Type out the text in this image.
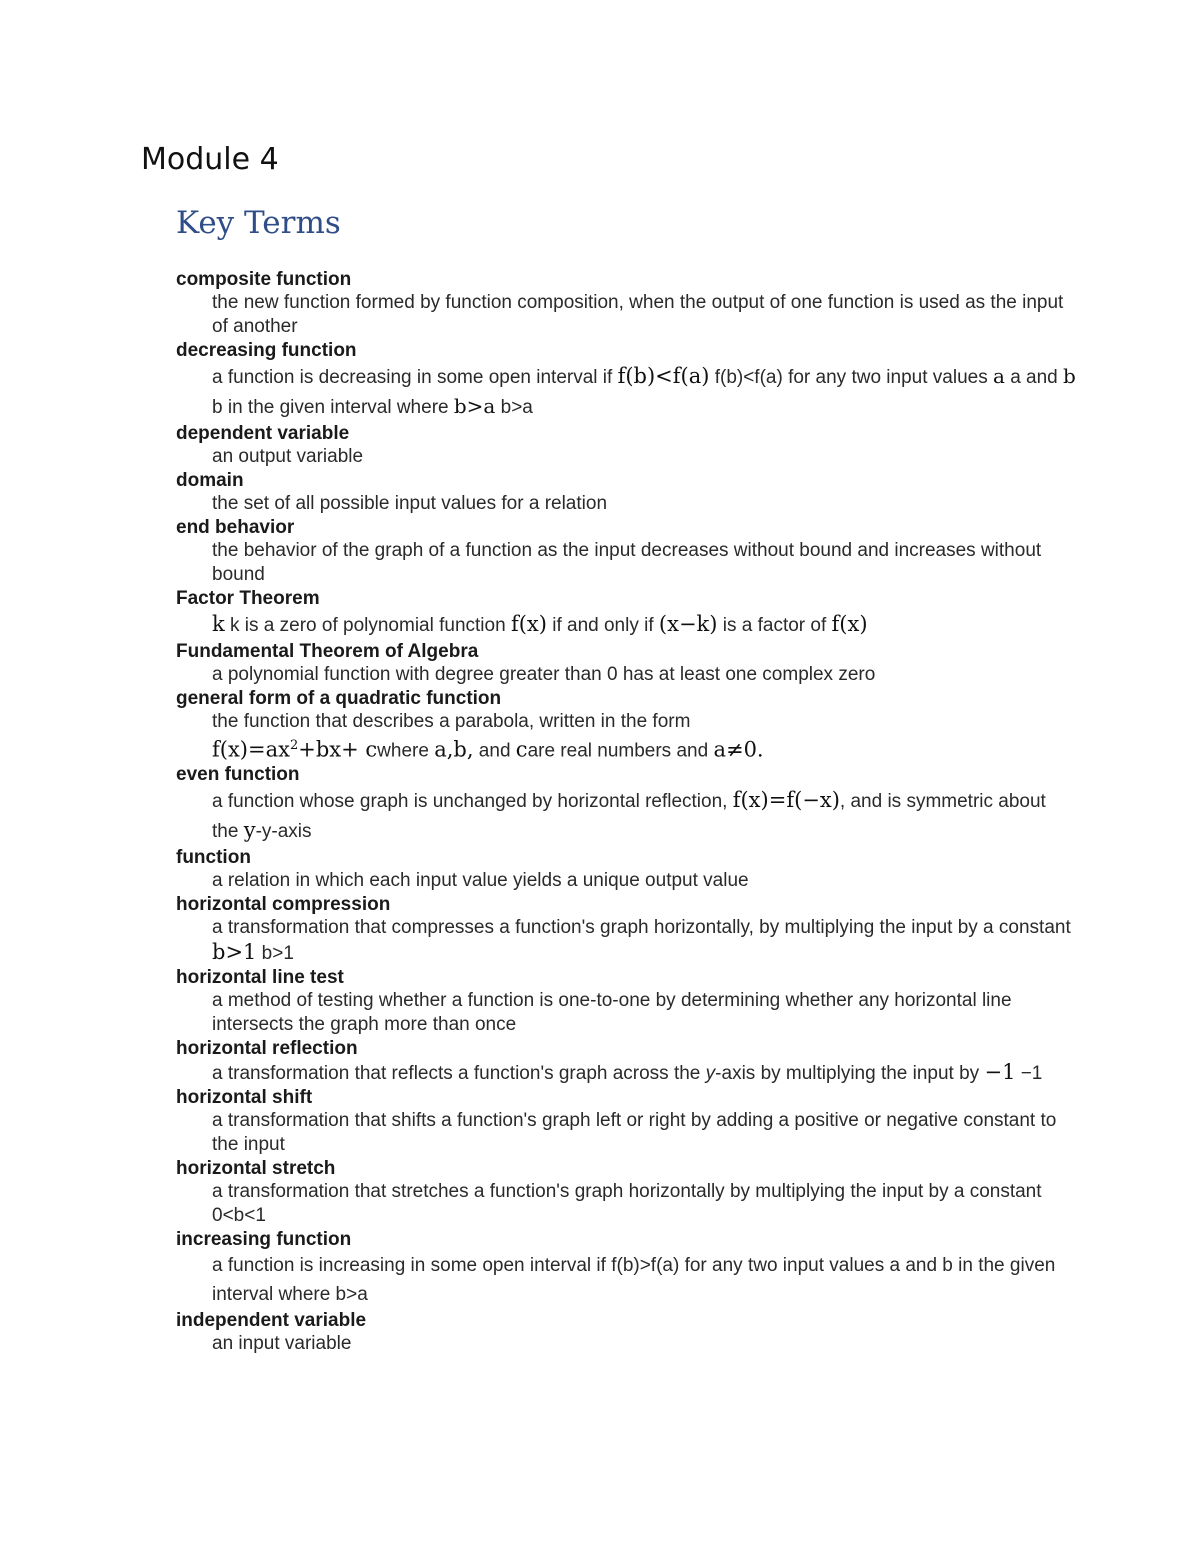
Module 4
Key Terms

composite function

the new function formed by function composition, when the output of one function is used as the input of another

decreasing function

a function is decreasing in some open interval if f(b)<f(a) f(b)<f(a) for any two input values a a and b b in the given interval where b>a b>a

dependent variable

an output variable

domain

the set of all possible input values for a relation

end behavior

the behavior of the graph of a function as the input decreases without bound and increases without bound

Factor Theorem

k k is a zero of polynomial function f(x) if and only if (x−k) is a factor of f(x)

Fundamental Theorem of Algebra

a polynomial function with degree greater than 0 has at least one complex zero

general form of a quadratic function

the function that describes a parabola, written in the form $f(x)=ax^2+bx+$ cwhere a,b, and care real numbers and a≠0.

even function

a function whose graph is unchanged by horizontal reflection, f(x)=f(−x), and is symmetric about the y-y-axis

function

a relation in which each input value yields a unique output value

horizontal compression

a transformation that compresses a function's graph horizontally, by multiplying the input by a constant b>1 b>1

horizontal line test

a method of testing whether a function is one-to-one by determining whether any horizontal line intersects the graph more than once

horizontal reflection

a transformation that reflects a function's graph across the y-axis by multiplying the input by −1 −1

horizontal shift

a transformation that shifts a function's graph left or right by adding a positive or negative constant to the input

horizontal stretch

a transformation that stretches a function's graph horizontally by multiplying the input by a constant 0<b<1

increasing function

a function is increasing in some open interval if f(b)>f(a) for any two input values a and b in the given interval where b>a

independent variable

an input variable
